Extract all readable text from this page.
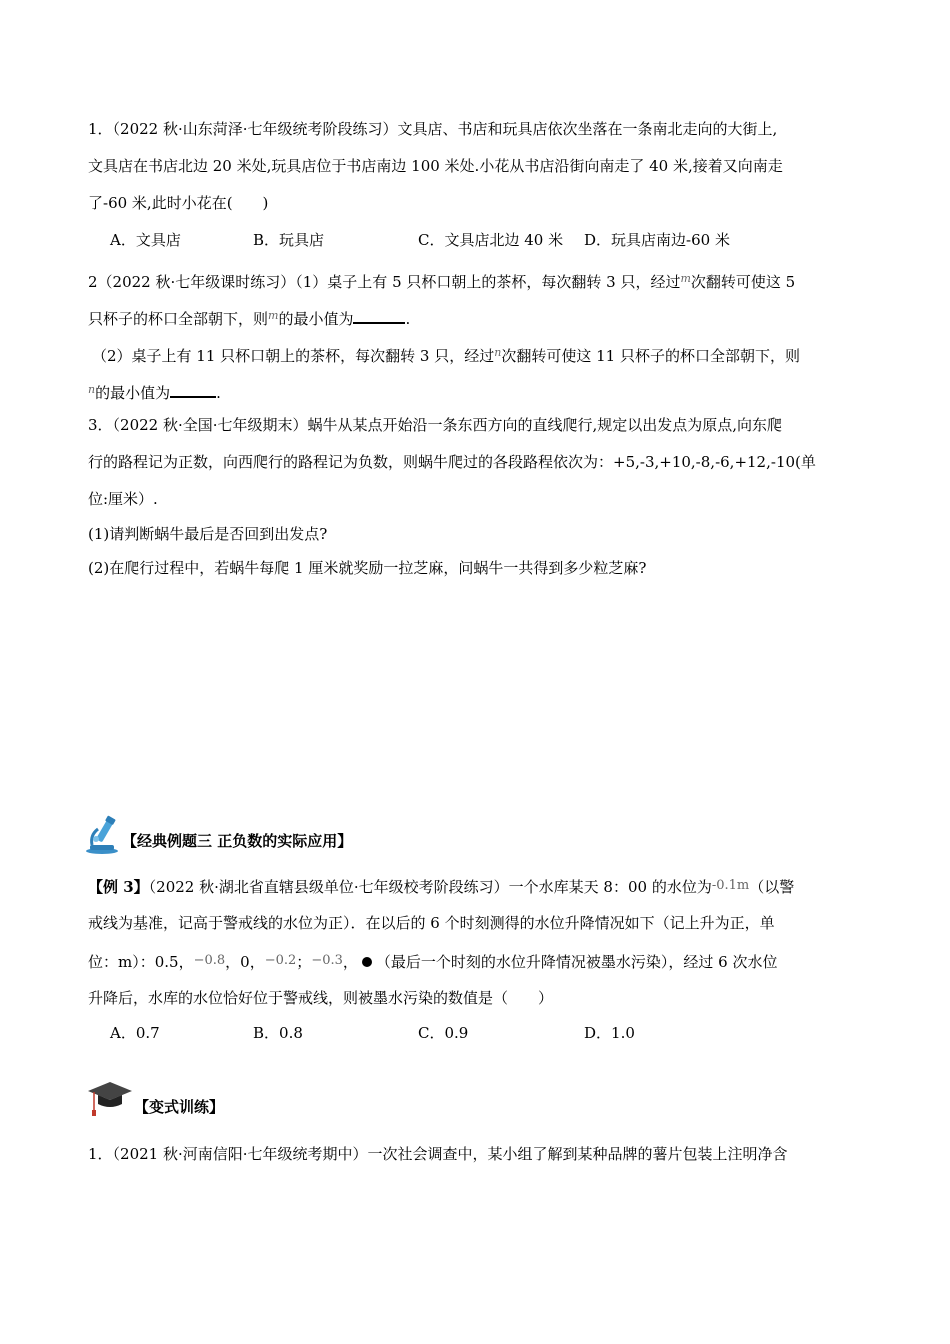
1．（2022 秋·山东菏泽·七年级统考阶段练习）文具店、书店和玩具店依次坐落在一条南北走向的大街上,
文具店在书店北边 20 米处,玩具店位于书店南边 100 米处.小花从书店沿街向南走了 40 米,接着又向南走
了-60 米,此时小花在(　　)
A．文具店	B．玩具店	C．文具店北边 40 米 D．玩具店南边-60 米
2（2022 秋·七年级课时练习）（1）桌子上有 5 只杯口朝上的茶杯，每次翻转 3 只，经过$^m$次翻转可使这 5
只杯子的杯口全部朝下，则$^m$的最小值为	.
（2）桌子上有 11 只杯口朝上的茶杯，每次翻转 3 只，经过$^n$次翻转可使这 11 只杯子的杯口全部朝下，则
$^n$的最小值为	.
3．（2022 秋·全国·七年级期末）蜗牛从某点开始沿一条东西方向的直线爬行,规定以出发点为原点,向东爬
行的路程记为正数，向西爬行的路程记为负数，则蜗牛爬过的各段路程依次为：+5,-3,+10,-8,-6,+12,-10(单
位:厘米）.
(1)请判断蜗牛最后是否回到出发点?
(2)在爬行过程中，若蜗牛每爬 1 厘米就奖励一拉芝麻，问蜗牛一共得到多少粒芝麻?
【经典例题三 正负数的实际应用】
【例 3】（2022 秋·湖北省直辖县级单位·七年级校考阶段练习）一个水库某天 8：00 的水位为-0.1m（以警
戒线为基准，记高于警戒线的水位为正）．在以后的 6 个时刻测得的水位升降情况如下（记上升为正，单
位：m）：0.5，−0.8，0，−0.2；−0.3， （最后一个时刻的水位升降情况被墨水污染），经过 6 次水位
升降后，水库的水位恰好位于警戒线，则被墨水污染的数值是（　　）
A．0.7	B．0.8	C．0.9	D．1.0
【变式训练】
1．（2021 秋·河南信阳·七年级统考期中）一次社会调查中，某小组了解到某种品牌的薯片包装上注明净含
